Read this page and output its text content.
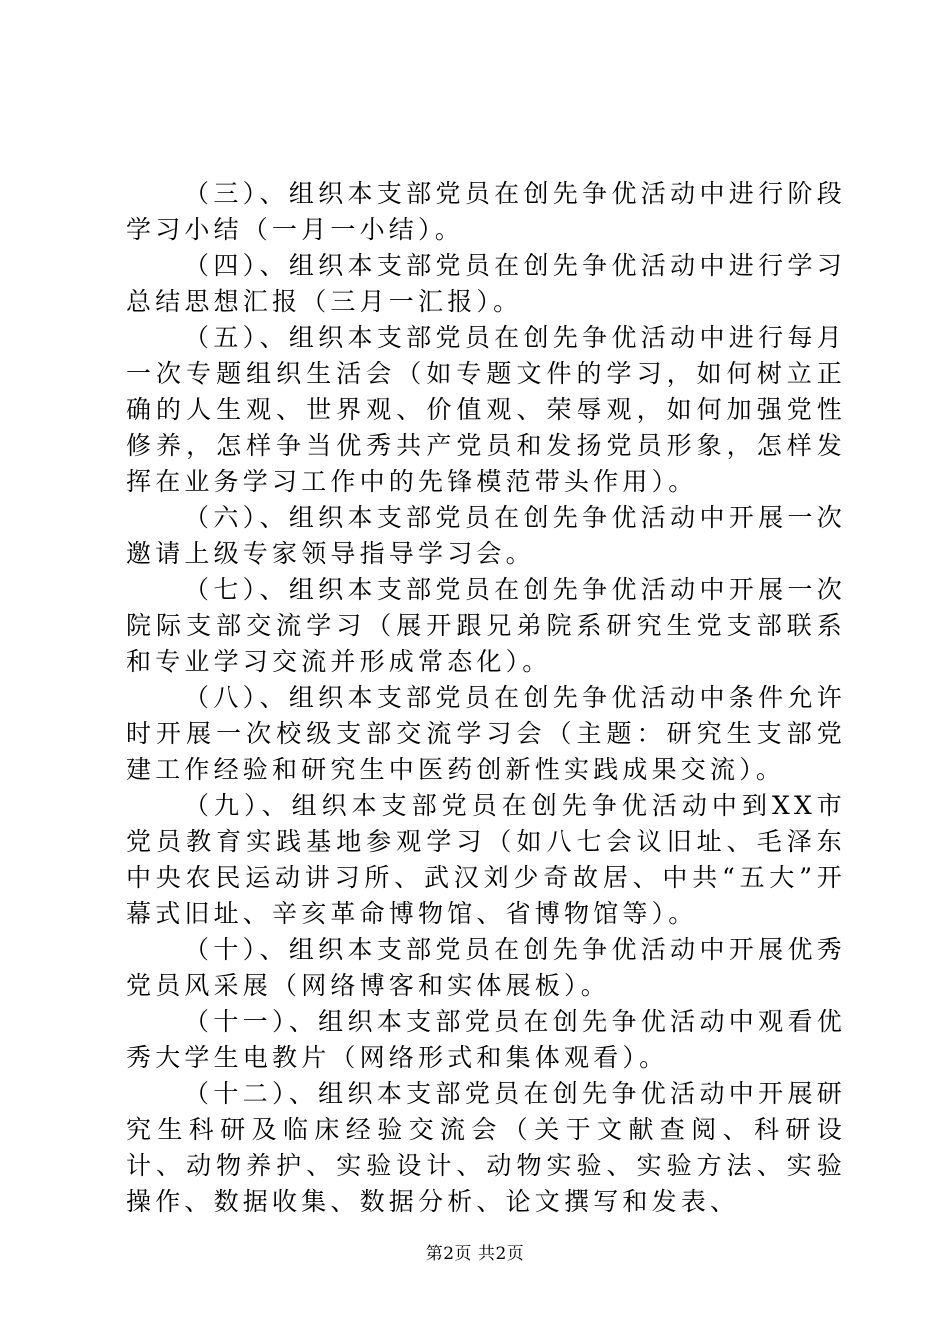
（三）、组织本支部党员在创先争优活动中进行阶段学习小结（一月一小结）。

（四）、组织本支部党员在创先争优活动中进行学习总结思想汇报（三月一汇报）。

（五）、组织本支部党员在创先争优活动中进行每月一次专题组织生活会（如专题文件的学习，如何树立正确的人生观、世界观、价值观、荣辱观，如何加强党性修养，怎样争当优秀共产党员和发扬党员形象，怎样发挥在业务学习工作中的先锋模范带头作用）。

（六）、组织本支部党员在创先争优活动中开展一次邀请上级专家领导指导学习会。

（七）、组织本支部党员在创先争优活动中开展一次院际支部交流学习（展开跟兄弟院系研究生党支部联系和专业学习交流并形成常态化）。

（八）、组织本支部党员在创先争优活动中条件允许时开展一次校级支部交流学习会（主题：研究生支部党建工作经验和研究生中医药创新性实践成果交流）。

（九）、组织本支部党员在创先争优活动中到XX市党员教育实践基地参观学习（如八七会议旧址、毛泽东中央农民运动讲习所、武汉刘少奇故居、中共“五大”开幕式旧址、辛亥革命博物馆、省博物馆等）。

（十）、组织本支部党员在创先争优活动中开展优秀党员风采展（网络博客和实体展板）。

（十一）、组织本支部党员在创先争优活动中观看优秀大学生电教片（网络形式和集体观看）。

（十二）、组织本支部党员在创先争优活动中开展研究生科研及临床经验交流会（关于文献查阅、科研设计、动物养护、实验设计、动物实验、实验方法、实验操作、数据收集、数据分析、论文撰写和发表、

第2页 共2页
